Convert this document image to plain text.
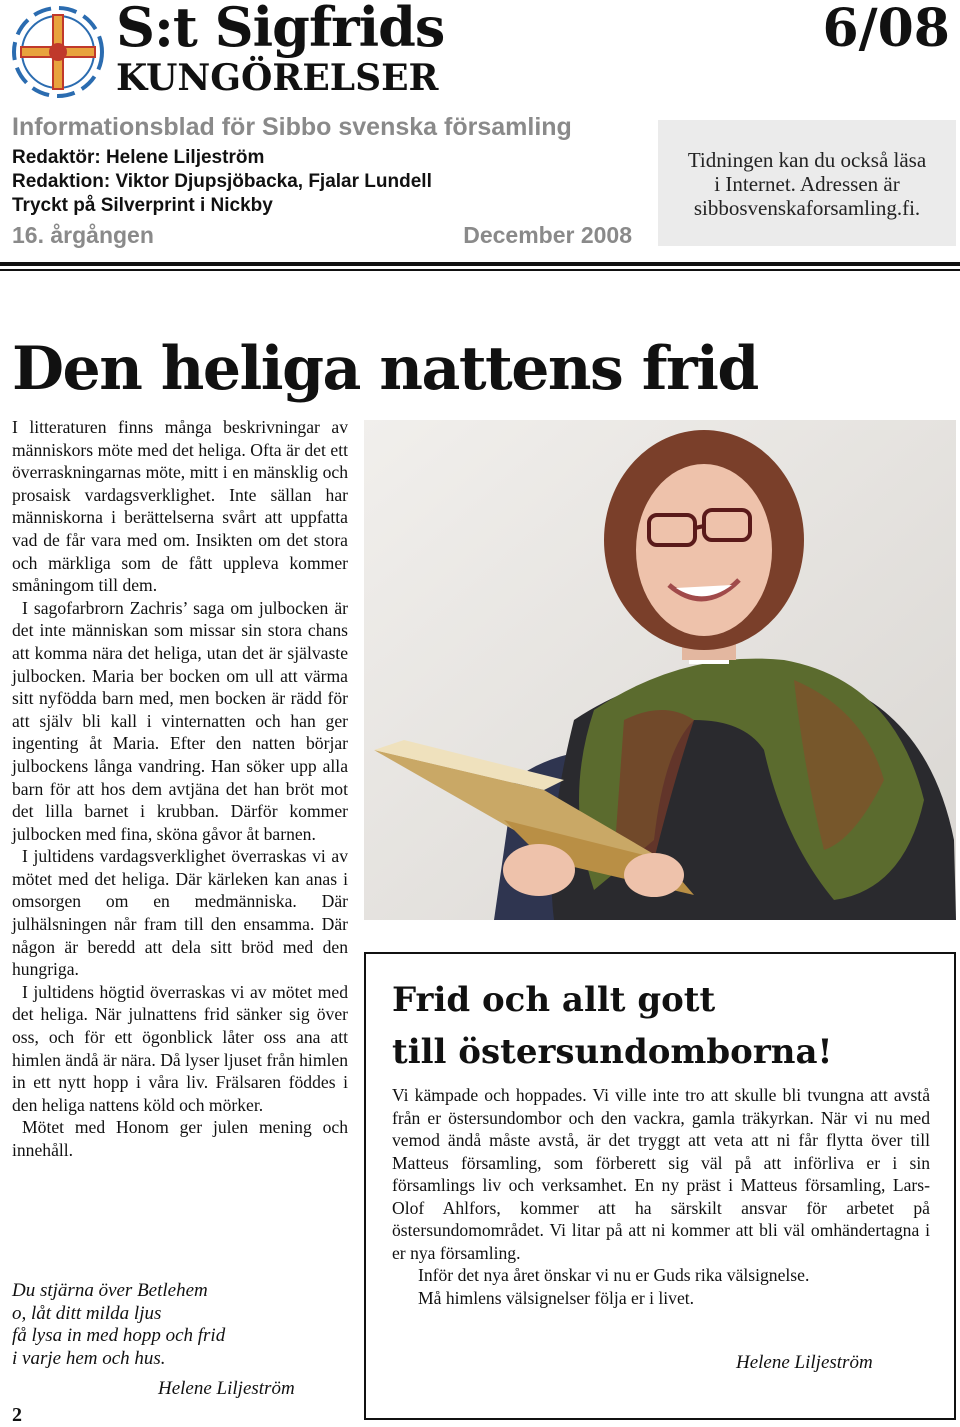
S:t Sigfrids
KUNGÖRELSER
6/08
Informationsblad för Sibbo svenska församling
Redaktör: Helene Liljeström
Redaktion: Viktor Djupsjöbacka, Fjalar Lundell
Tryckt på Silverprint i Nickby
16. årgången	December 2008
Tidningen kan du också läsa
i Internet. Adressen är
sibbosvenskaforsamling.fi.
Den heliga nattens frid

I litteraturen finns många beskrivningar av människors möte med det heliga. Ofta är det ett överraskningarnas möte, mitt i en mänsklig och prosaisk vardagsverklighet. Inte sällan har människorna i berättelserna svårt att uppfatta vad de får vara med om. Insikten om det stora och märkliga som de fått uppleva kommer småningom till dem.

I sagofarbrorn Zachris’ saga om julbocken är det inte människan som missar sin stora chans att komma nära det heliga, utan det är självaste julbocken. Maria ber bocken om ull att värma sitt nyfödda barn med, men bocken är rädd för att själv bli kall i vinternatten och han ger ingenting åt Maria. Efter den natten börjar julbockens långa vandring. Han söker upp alla barn för att hos dem avtjäna det han bröt mot det lilla barnet i krubban. Därför kommer julbocken med fina, sköna gåvor åt barnen.

I jultidens vardagsverklighet överraskas vi av mötet med det heliga. Där kärleken kan anas i omsorgen om en medmänniska. Där julhälsningen når fram till den ensamma. Där någon är beredd att dela sitt bröd med den hungriga.

I jultidens högtid överraskas vi av mötet med det heliga. När julnattens frid sänker sig över oss, och för ett ögonblick låter oss ana att himlen ändå är nära. Då lyser ljuset från himlen in ett nytt hopp i våra liv. Frälsaren föddes i den heliga nattens köld och mörker.

Mötet med Honom ger julen mening och innehåll.

Du stjärna över Betlehem
o, låt ditt milda ljus
få lysa in med hopp och frid
i varje hem och hus.
Helene Liljeström
2
Frid och allt gott
till östersundomborna!

Vi kämpade och hoppades. Vi ville inte tro att skulle bli tvungna att avstå från er östersundombor och den vackra, gamla träkyrkan. När vi nu med vemod ändå måste avstå, är det tryggt att veta att ni får flytta över till Matteus församling, som förberett sig väl på att införliva er i sin församlings liv och verksamhet. En ny präst i Matteus församling, Lars-Olof Ahlfors, kommer att ha särskilt ansvar för arbetet på östersundomområdet. Vi litar på att ni kommer att bli väl omhändertagna i er nya församling.

Inför det nya året önskar vi nu er Guds rika välsignelse.

Må himlens välsignelser följa er i livet.

Helene Liljeström
